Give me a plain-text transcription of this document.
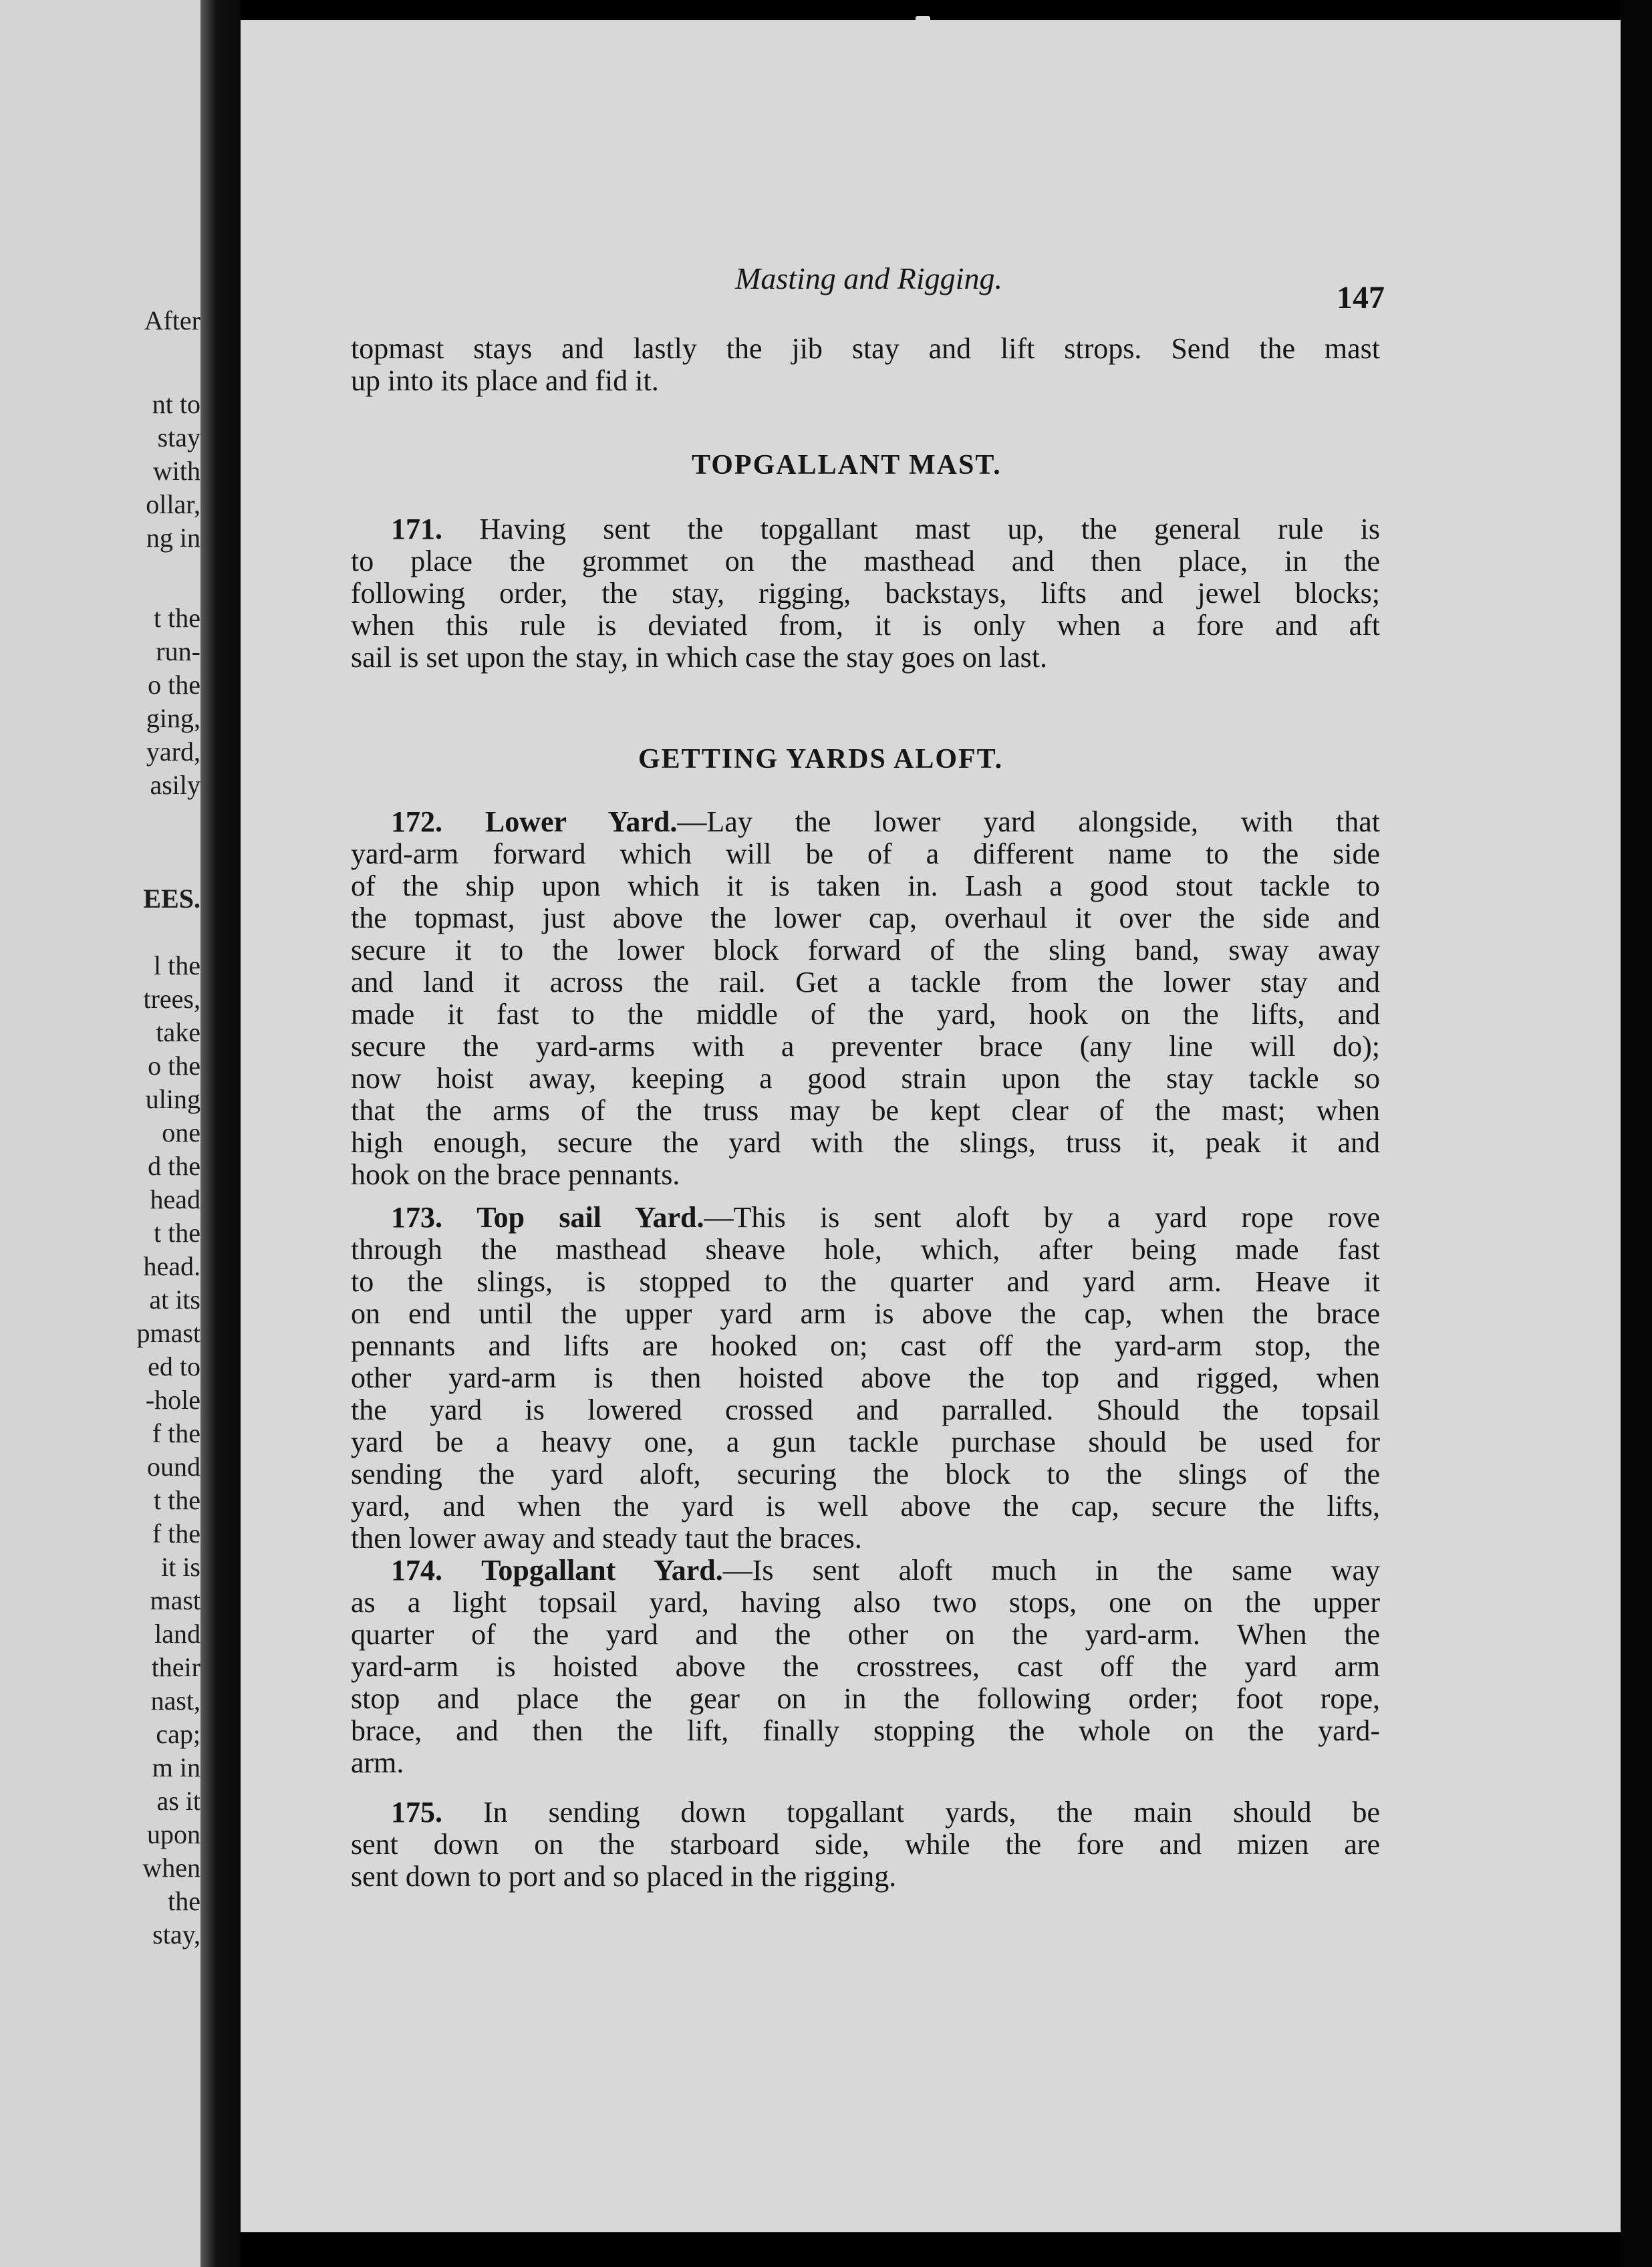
After
nt to
stay
with
ollar,
ng in
t the
run-
o the
ging,
yard,
asily
EES.
l the
trees,
take
o the
uling
one
d the
head
t the
head.
at its
pmast
ed to
-hole
f the
ound
t the
f the
it is
mast
land
their
nast,
cap;
m in
as it
upon
when
the
stay,
Masting and Rigging.
147
TOPGALLANT MAST.
GETTING YARDS ALOFT.
topmast stays and lastly the jib stay and lift strops. Send the mast
up into its place and fid it.
171. Having sent the topgallant mast up, the general rule is
to place the grommet on the masthead and then place, in the
following order, the stay, rigging, backstays, lifts and jewel blocks;
when this rule is deviated from, it is only when a fore and aft
sail is set upon the stay, in which case the stay goes on last.
172. Lower Yard.—Lay the lower yard alongside, with that
yard-arm forward which will be of a different name to the side
of the ship upon which it is taken in. Lash a good stout tackle to
the topmast, just above the lower cap, overhaul it over the side and
secure it to the lower block forward of the sling band, sway away
and land it across the rail. Get a tackle from the lower stay and
made it fast to the middle of the yard, hook on the lifts, and
secure the yard-arms with a preventer brace (any line will do);
now hoist away, keeping a good strain upon the stay tackle so
that the arms of the truss may be kept clear of the mast; when
high enough, secure the yard with the slings, truss it, peak it and
hook on the brace pennants.
173. Top sail Yard.—This is sent aloft by a yard rope rove
through the masthead sheave hole, which, after being made fast
to the slings, is stopped to the quarter and yard arm. Heave it
on end until the upper yard arm is above the cap, when the brace
pennants and lifts are hooked on; cast off the yard-arm stop, the
other yard-arm is then hoisted above the top and rigged, when
the yard is lowered crossed and parralled. Should the topsail
yard be a heavy one, a gun tackle purchase should be used for
sending the yard aloft, securing the block to the slings of the
yard, and when the yard is well above the cap, secure the lifts,
then lower away and steady taut the braces.
174. Topgallant Yard.—Is sent aloft much in the same way
as a light topsail yard, having also two stops, one on the upper
quarter of the yard and the other on the yard-arm. When the
yard-arm is hoisted above the crosstrees, cast off the yard arm
stop and place the gear on in the following order; foot rope,
brace, and then the lift, finally stopping the whole on the yard-
arm.
175. In sending down topgallant yards, the main should be
sent down on the starboard side, while the fore and mizen are
sent down to port and so placed in the rigging.
